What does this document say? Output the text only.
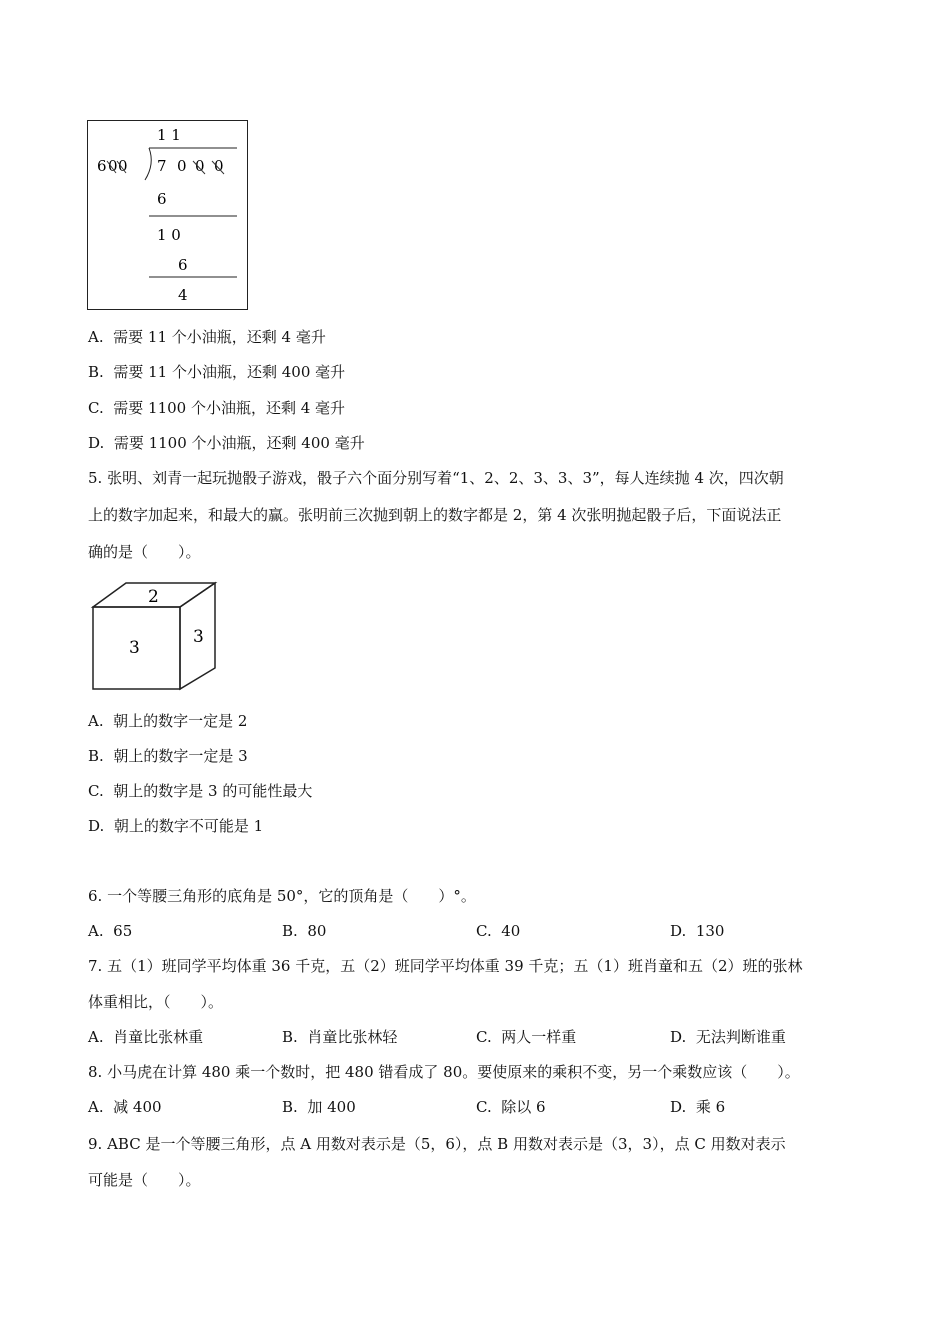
1 1
6 0 0 7 0 0 0
6
1 0
6
4
A. 需要 11 个小油瓶，还剩 4 毫升
B. 需要 11 个小油瓶，还剩 400 毫升
C. 需要 1100 个小油瓶，还剩 4 毫升
D. 需要 1100 个小油瓶，还剩 400 毫升
5. 张明、刘青一起玩抛骰子游戏，骰子六个面分别写着“1、2、2、3、3、3”，每人连续抛 4 次，四次朝
上的数字加起来，和最大的赢。张明前三次抛到朝上的数字都是 2，第 4 次张明抛起骰子后，下面说法正
确的是（　　）。
2
3
3
A. 朝上的数字一定是 2
B. 朝上的数字一定是 3
C. 朝上的数字是 3 的可能性最大
D. 朝上的数字不可能是 1
6. 一个等腰三角形的底角是 50°，它的顶角是（　　）°。
A. 65	B. 80	C. 40	D. 130
7. 五（1）班同学平均体重 36 千克，五（2）班同学平均体重 39 千克；五（1）班肖童和五（2）班的张林
体重相比，（　　）。
A. 肖童比张林重	B. 肖童比张林轻	C. 两人一样重	D. 无法判断谁重
8. 小马虎在计算 480 乘一个数时，把 480 错看成了 80。要使原来的乘积不变，另一个乘数应该（　　）。
A. 减 400	B. 加 400	C. 除以 6	D. 乘 6
9. ABC 是一个等腰三角形，点 A 用数对表示是（5，6），点 B 用数对表示是（3，3），点 C 用数对表示
可能是（　　）。
